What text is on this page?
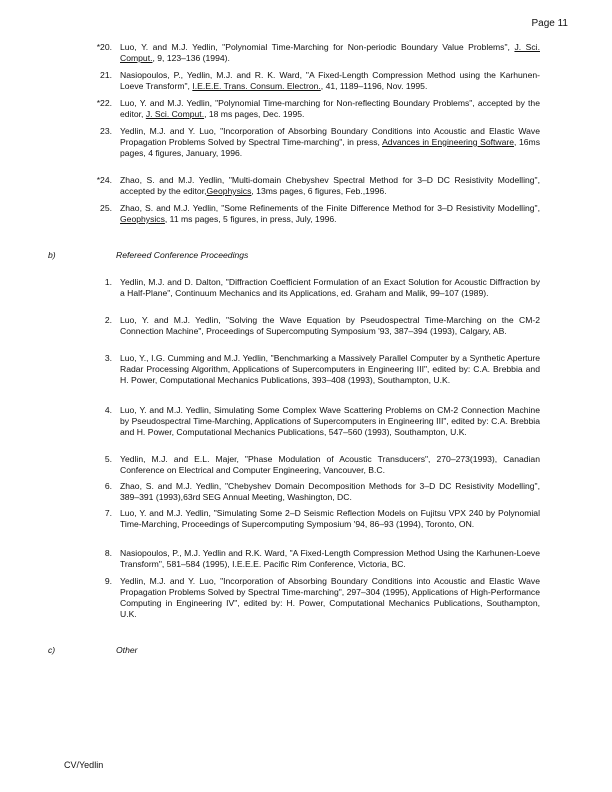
Page 11
*20. Luo, Y. and M.J. Yedlin, "Polynomial Time-Marching for Non-periodic Boundary Value Problems", J. Sci. Comput., 9, 123–136 (1994).
21. Nasiopoulos, P., Yedlin, M.J. and R. K. Ward, "A Fixed-Length Compression Method using the Karhunen-Loeve Transform", I.E.E.E. Trans. Consum. Electron., 41, 1189–1196, Nov. 1995.
*22. Luo, Y. and M.J. Yedlin, "Polynomial Time-marching for Non-reflecting Boundary Problems", accepted by the editor, J. Sci. Comput., 18 ms pages, Dec. 1995.
23. Yedlin, M.J. and Y. Luo, "Incorporation of Absorbing Boundary Conditions into Acoustic and Elastic Wave Propagation Problems Solved by Spectral Time-marching", in press, Advances in Engineering Software, 16ms pages, 4 figures, January, 1996.
*24. Zhao, S. and M.J. Yedlin, "Multi-domain Chebyshev Spectral Method for 3–D DC Resistivity Modelling", accepted by the editor,Geophysics, 13ms pages, 6 figures, Feb.,1996.
25. Zhao, S. and M.J. Yedlin, "Some Refinements of the Finite Difference Method for 3–D Resistivity Modelling", Geophysics, 11 ms pages, 5 figures, in press, July, 1996.
b)	Refereed Conference Proceedings
1. Yedlin, M.J. and D. Dalton, "Diffraction Coefficient Formulation of an Exact Solution for Acoustic Diffraction by a Half-Plane", Continuum Mechanics and its Applications, ed. Graham and Malik, 99–107 (1989).
2. Luo, Y. and M.J. Yedlin, "Solving the Wave Equation by Pseudospectral Time-Marching on the CM-2 Connection Machine", Proceedings of Supercomputing Symposium '93, 387–394 (1993), Calgary, AB.
3. Luo, Y., I.G. Cumming and M.J. Yedlin, "Benchmarking a Massively Parallel Computer by a Synthetic Aperture Radar Processing Algorithm, Applications of Supercomputers in Engineering III", edited by: C.A. Brebbia and H. Power, Computational Mechanics Publications, 393–408 (1993), Southampton, U.K.
4. Luo, Y. and M.J. Yedlin, Simulating Some Complex Wave Scattering Problems on CM-2 Connection Machine by Pseudospectral Time-Marching, Applications of Supercomputers in Engineering III", edited by: C.A. Brebbia and H. Power, Computational Mechanics Publications, 547–560 (1993), Southampton, U.K.
5. Yedlin, M.J. and E.L. Majer, "Phase Modulation of Acoustic Transducers", 270–273(1993), Canadian Conference on Electrical and Computer Engineering, Vancouver, B.C.
6. Zhao, S. and M.J. Yedlin, "Chebyshev Domain Decomposition Methods for 3–D DC Resistivity Modelling", 389–391 (1993),63rd SEG Annual Meeting, Washington, DC.
7. Luo, Y. and M.J. Yedlin, "Simulating Some 2–D Seismic Reflection Models on Fujitsu VPX 240 by Polynomial Time-Marching, Proceedings of Supercomputing Symposium '94, 86–93 (1994), Toronto, ON.
8. Nasiopoulos, P., M.J. Yedlin and R.K. Ward, "A Fixed-Length Compression Method Using the Karhunen-Loeve Transform", 581–584 (1995), I.E.E.E. Pacific Rim Conference, Victoria, BC.
9. Yedlin, M.J. and Y. Luo, "Incorporation of Absorbing Boundary Conditions into Acoustic and Elastic Wave Propagation Problems Solved by Spectral Time-marching", 297–304 (1995), Applications of High-Performance Computing in Engineering IV", edited by: H. Power, Computational Mechanics Publications, Southampton, U.K.
c)	Other
CV/Yedlin
